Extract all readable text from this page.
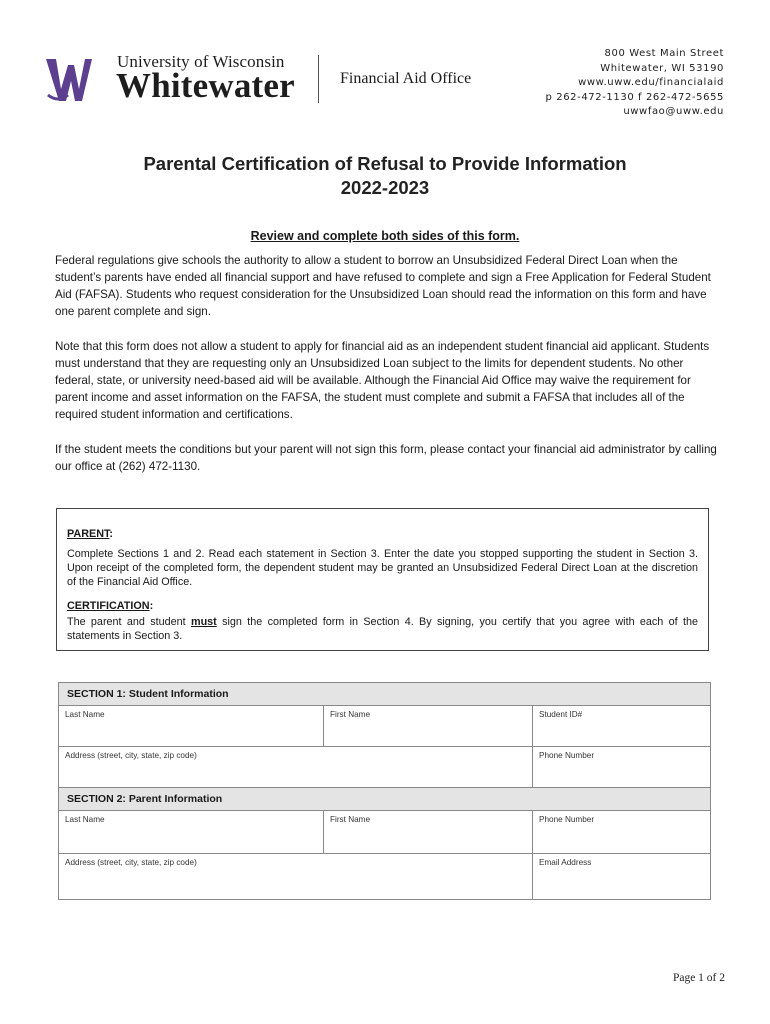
University of Wisconsin
Whitewater	Financial Aid Office
800 West Main Street
Whitewater, WI 53190
www.uww.edu/financialaid
p 262-472-1130 f 262-472-5655
uwwfao@uww.edu
Parental Certification of Refusal to Provide Information
2022-2023
Review and complete both sides of this form.

Federal regulations give schools the authority to allow a student to borrow an Unsubsidized Federal Direct Loan when the student’s parents have ended all financial support and have refused to complete and sign a Free Application for Federal Student Aid (FAFSA). Students who request consideration for the Unsubsidized Loan should read the information on this form and have one parent complete and sign.

Note that this form does not allow a student to apply for financial aid as an independent student financial aid applicant. Students must understand that they are requesting only an Unsubsidized Loan subject to the limits for dependent students. No other federal, state, or university need-based aid will be available. Although the Financial Aid Office may waive the requirement for parent income and asset information on the FAFSA, the student must complete and submit a FAFSA that includes all of the required student information and certifications.

If the student meets the conditions but your parent will not sign this form, please contact your financial aid administrator by calling our office at (262) 472-1130.

PARENT:

Complete Sections 1 and 2. Read each statement in Section 3. Enter the date you stopped supporting the student in Section 3. Upon receipt of the completed form, the dependent student may be granted an Unsubsidized Federal Direct Loan at the discretion of the Financial Aid Office.

CERTIFICATION:

The parent and student must sign the completed form in Section 4. By signing, you certify that you agree with each of the statements in Section 3.

SECTION 1: Student Information
Last Name	First Name	Student ID#
Address (street, city, state, zip code)	Phone Number
SECTION 2: Parent Information
Last Name	First Name	Phone Number
Address (street, city, state, zip code)	Email Address
Page 1 of 2
